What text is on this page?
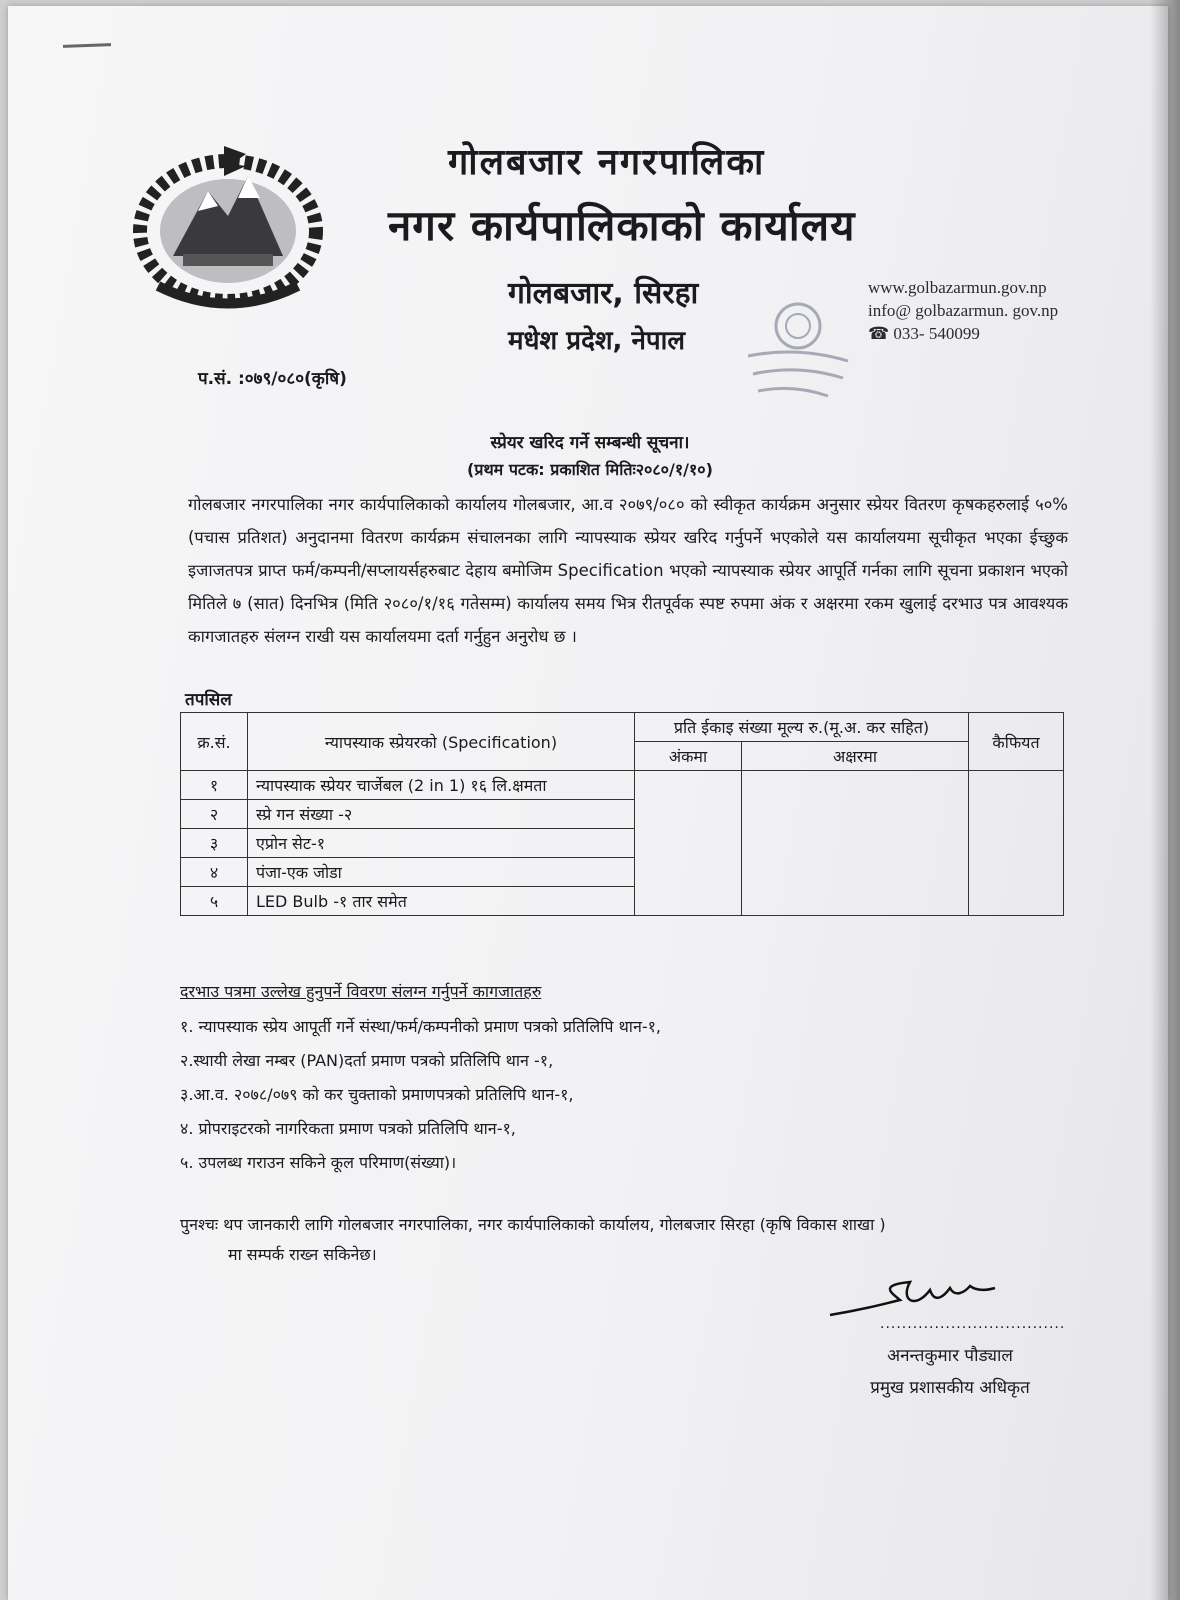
गोलबजार नगरपालिका
नगर कार्यपालिकाको कार्यालय
गोलबजार, सिरहा
मधेश प्रदेश, नेपाल
www.golbazarmun.gov.np
info@ golbazarmun. gov.np
☎ 033- 540099
प.सं. :०७९/०८०(कृषि)
स्प्रेयर खरिद गर्ने सम्बन्धी सूचना।
(प्रथम पटक: प्रकाशित मितिः२०८०/१/१०)
गोलबजार नगरपालिका नगर कार्यपालिकाको कार्यालय गोलबजार, आ.व २०७९/०८० को स्वीकृत कार्यक्रम अनुसार स्प्रेयर वितरण कृषकहरुलाई ५०% (पचास प्रतिशत) अनुदानमा वितरण कार्यक्रम संचालनका लागि न्यापस्याक स्प्रेयर खरिद गर्नुपर्ने भएकोले यस कार्यालयमा सूचीकृत भएका ईच्छुक इजाजतपत्र प्राप्त फर्म/कम्पनी/सप्लायर्सहरुबाट देहाय बमोजिम Specification भएको न्यापस्याक स्प्रेयर आपूर्ति गर्नका लागि सूचना प्रकाशन भएको मितिले ७ (सात) दिनभित्र (मिति २०८०/१/१६ गतेसम्म) कार्यालय समय भित्र रीतपूर्वक स्पष्ट रुपमा अंक र अक्षरमा रकम खुलाई दरभाउ पत्र आवश्यक कागजातहरु संलग्न राखी यस कार्यालयमा दर्ता गर्नुहुन अनुरोध छ ।
तपसिल
क्र.सं.	न्यापस्याक स्प्रेयरको (Specification)	प्रति ईकाइ संख्या मूल्य रु.(मू.अ. कर सहित)		कैफियत
		अंकमा	अक्षरमा	
१	न्यापस्याक स्प्रेयर चार्जेबल (2 in 1) १६ लि.क्षमता			
२	स्प्रे गन संख्या -२			
३	एप्रोन सेट-१			
४	पंजा-एक जोडा			
५	LED Bulb -१ तार समेत			
दरभाउ पत्रमा उल्लेख हुनुपर्ने विवरण संलग्न गर्नुपर्ने कागजातहरु
१. न्यापस्याक स्प्रेय आपूर्ती गर्ने संस्था/फर्म/कम्पनीको प्रमाण पत्रको प्रतिलिपि थान-१,
२.स्थायी लेखा नम्बर (PAN)दर्ता प्रमाण पत्रको प्रतिलिपि थान -१,
३.आ.व. २०७८/०७९ को कर चुक्ताको प्रमाणपत्रको प्रतिलिपि थान-१,
४. प्रोपराइटरको नागरिकता प्रमाण पत्रको प्रतिलिपि थान-१,
५. उपलब्ध गराउन सकिने कूल परिमाण(संख्या)।
पुनश्चः थप जानकारी लागि गोलबजार नगरपालिका, नगर कार्यपालिकाको कार्यालय, गोलबजार सिरहा (कृषि विकास शाखा )
मा सम्पर्क राख्न सकिनेछ।
..................................
अनन्तकुमार पौड्याल
प्रमुख प्रशासकीय अधिकृत
